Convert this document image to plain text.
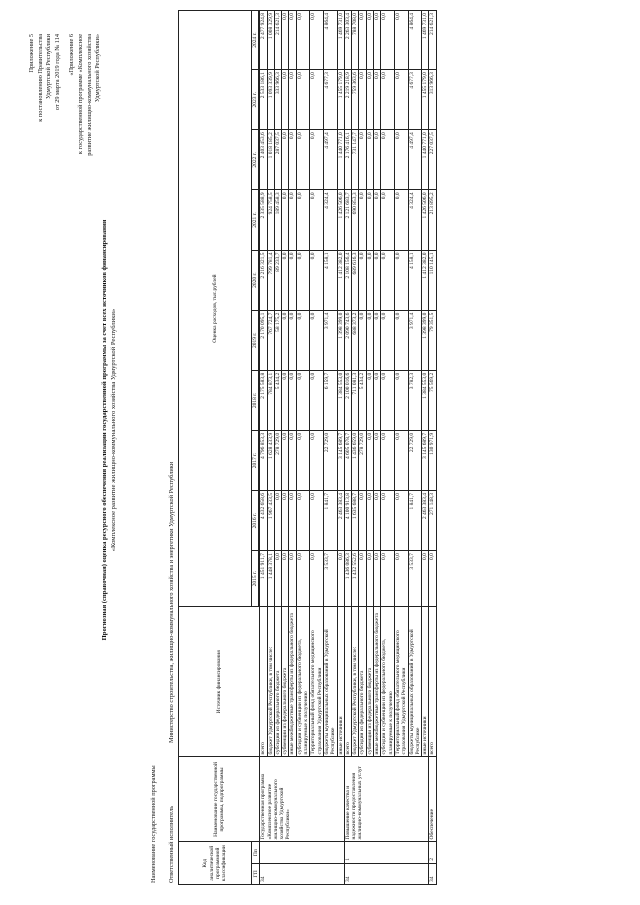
Приложение 5 к постановлению Правительства Удмуртской Республики от 29 марта 2019 года № 114 «Приложение 6 к государственной программе «Комплексное развитие жилищно-коммунального хозяйства Удмуртской Республики»
Прогнозная (справочная) оценка ресурсного обеспечения реализации государственной программы за счет всех источников финансирования «Комплексное развитие жилищно-коммунального хозяйства Удмуртской Республики»
Наименование государственной программы	Ответственный исполнитель
Министерство строительства, жилищно-коммунального хозяйства и энергетики Удмуртской Республики
Код аналитической программной классификации		Наименование государственной программы, подпрограммы	Источник финансирования	Оценка расходов, тыс.рублей									
ГП	Пп			2015 г.	2016 г.	2017 г.	2018 г.	2019 г.	2020 г.	2021 г.	2022 г.	2023 г.	2024 г.

34		Государственная программа «Комплексное развитие жилищно-коммунального хозяйства Удмуртской Республики»	всего	1 451 911,7	4 432 658,6	4 796 853,3	2 175 583,8	2 170 095,1	2 216 321,5	2 335 588,9	2 403 453,6	2 533 186,1	2 477 924,8
			бюджет Удмуртской Республики, в том числе:	1 448 378,1	1 967 433,5	1 628 433,9	784 873,1	767 724,7	799 781,4	924 758,5	1 018 185,2	1 093 339,9	1 008 329,9
			субсидии из федерального бюджета	0,0	0,0	278 729,0	5 434,2	58 175,2	89 233,7	189 458,3	287 037,5	333 966,3	214 621,3
			субвенции из федерального бюджета	0,0	0,0	0,0	0,0	0,0	0,0	0,0	0,0	0,0	0,0
			иные межбюджетные трансферты из федерального бюджета	0,0	0,0	0,0	0,0	0,0	0,0	0,0	0,0	0,0	0,0
			субсидии и субвенции из федерального бюджета, планируемые к получению	0,0	0,0	0,0	0,0	0,0	0,0	0,0	0,0	0,0	0,0
			Территориальный фонд обязательного медицинского страхования Удмуртской Республики	0,0	0,0	0,0	0,0	0,0	0,0	0,0	0,0	0,0	0,0
			бюджеты муниципальных образований в Удмуртской Республике	3 533,7	1 841,7	22 729,0	6 159,7	3 971,4	4 158,1	4 324,4	4 497,4	4 677,3	4 864,4
			иные источники	0,0	2 463 383,4	3 145 689,7	1 384 553,0	1 398 399,0	1 412 382,0	1 426 506,0	1 440 771,0	1 455 179,0	1 469 731,0
34	1	Повышение качества и надежности предоставления жилищно-коммунальных услуг	всего	1 436 086,3	4 100 913,8	4 605 078,7	2 100 016,6	2 090 743,6	2 108 156,4	2 121 683,7	2 176 416,1	2 219 218,9	2 263 303,4
			бюджет Удмуртской Республики, в том числе:	1 432 552,6	1 635 688,7	1 436 659,0	711 081,3	688 373,2	689 616,3	690 853,3	731 147,7	759 363,6	788 708,0
			субсидии из федерального бюджета	0,0	0,0	278 729,0	5 434,2	0,0	0,0	0,0	0,0	0,0	0,0
			субвенции из федерального бюджета	0,0	0,0	0,0	0,0	0,0	0,0	0,0	0,0	0,0	0,0
			иные межбюджетные трансферты из федерального бюджета	0,0	0,0	0,0	0,0	0,0	0,0	0,0	0,0	0,0	0,0
			субсидии и субвенции из федерального бюджета, планируемые к получению	0,0	0,0	0,0	0,0	0,0	0,0	0,0	0,0	0,0	0,0
			Территориальный фонд обязательного медицинского страхования Удмуртской Республики	0,0	0,0	0,0	0,0	0,0	0,0	0,0	0,0	0,0	0,0
			бюджеты муниципальных образований в Удмуртской Республике	3 533,7	1 841,7	22 729,0	3 782,3	3 971,4	4 158,1	4 324,4	4 497,4	4 677,3	4 864,4
			иные источники	0,0	2 463 383,4	3 145 689,7	1 384 553,0	1 398 399,0	1 412 382,0	1 426 506,0	1 440 771,0	1 455 179,0	1 469 731,0
34	2	Обеспечение	всего	0,0	271 148,3	130 971,9	75 569,2	79 351,5	110 145,1	213 895,2	227 037,5	313 966,3	214 621,3
